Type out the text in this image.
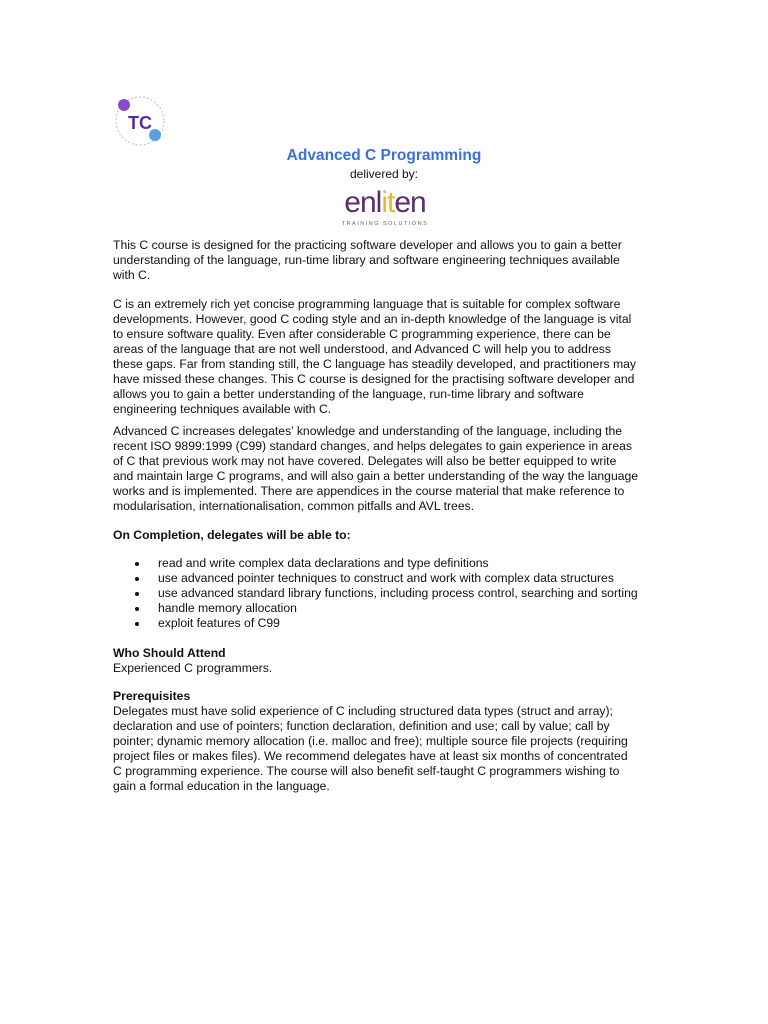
TC
Advanced C Programming
delivered by:
enliten
TRAINING SOLUTIONS
This C course is designed for the practicing software developer and allows you to gain a better
understanding of the language, run-time library and software engineering techniques available
with C.
C is an extremely rich yet concise programming language that is suitable for complex software
developments. However, good C coding style and an in-depth knowledge of the language is vital
to ensure software quality. Even after considerable C programming experience, there can be
areas of the language that are not well understood, and Advanced C will help you to address
these gaps. Far from standing still, the C language has steadily developed, and practitioners may
have missed these changes. This C course is designed for the practising software developer and
allows you to gain a better understanding of the language, run-time library and software
engineering techniques available with C.
Advanced C increases delegates’ knowledge and understanding of the language, including the
recent ISO 9899:1999 (C99) standard changes, and helps delegates to gain experience in areas
of C that previous work may not have covered. Delegates will also be better equipped to write
and maintain large C programs, and will also gain a better understanding of the way the language
works and is implemented. There are appendices in the course material that make reference to
modularisation, internationalisation, common pitfalls and AVL trees.
On Completion, delegates will be able to:
read and write complex data declarations and type definitions
use advanced pointer techniques to construct and work with complex data structures
use advanced standard library functions, including process control, searching and sorting
handle memory allocation
exploit features of C99
Who Should Attend
Experienced C programmers.
Prerequisites
Delegates must have solid experience of C including structured data types (struct and array);
declaration and use of pointers; function declaration, definition and use; call by value; call by
pointer; dynamic memory allocation (i.e. malloc and free); multiple source file projects (requiring
project files or makes files). We recommend delegates have at least six months of concentrated
C programming experience. The course will also benefit self-taught C programmers wishing to
gain a formal education in the language.
